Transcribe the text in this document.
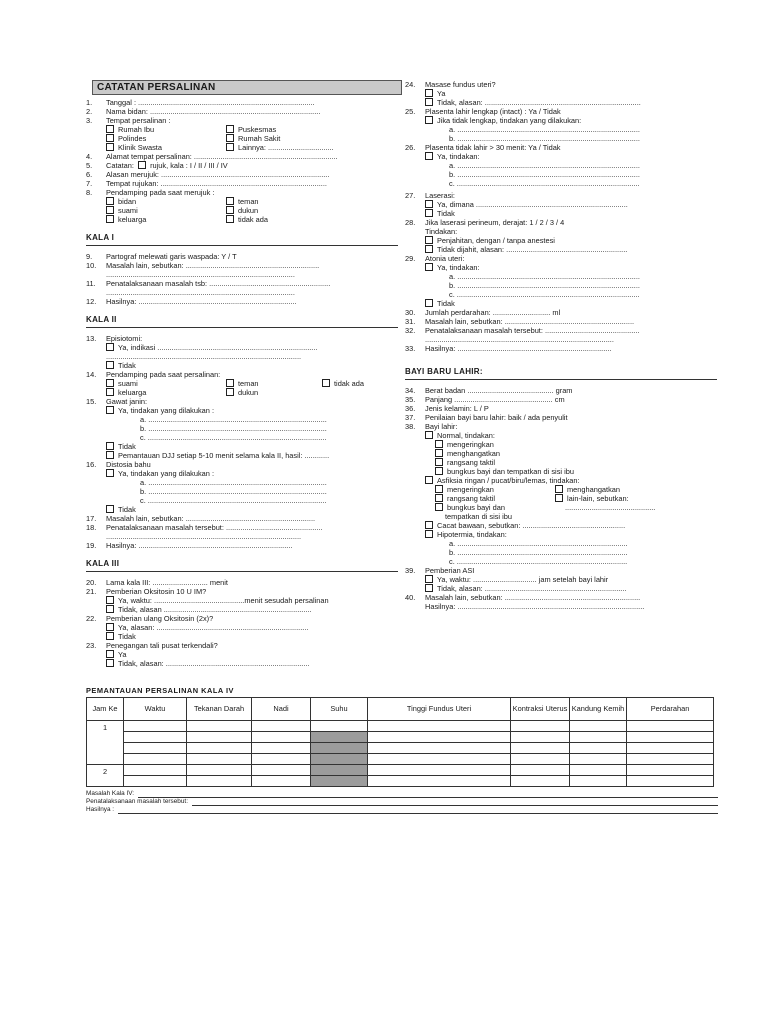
CATATAN PERSALINAN
1.	Tanggal : ......................................................................................
2.	Nama bidan: ...................................................................................
3.	Tempat persalinan :
Rumah Ibu	Puskesmas
Polindes	Rumah Sakit
Klinik Swasta	Lainnya: ................................
4.	Alamat tempat persalinan: ......................................................................
5.	Catatan:
rujuk, kala : I / II / III / IV
6.	Alasan merujuk: ..................................................................................
7.	Tempat rujukan: .................................................................................
8.	Pendamping pada saat merujuk :
bidan	teman
suami	dukun
keluarga	tidak ada
KALA I
9.	Partograf melewati garis waspada: Y / T
10.	Masalah lain, sebutkan: .................................................................
............................................................................................
11.	Penatalaksanaan masalah tsb: ...........................................................
............................................................................................
12.	Hasilnya: .............................................................................
KALA II
13.	Episiotomi:
Ya, indikasi ..............................................................................
...............................................................................................
Tidak
14.	Pendamping pada saat persalinan:
suami	teman	tidak ada
keluarga	dukun
15.	Gawat janin:
Ya, tindakan yang dilakukan :
a. .......................................................................................
b. .......................................................................................
c. .......................................................................................
Tidak
Pemantauan DJJ setiap 5-10 menit selama kala II, hasil: ............
16.	Distosia bahu
Ya, tindakan yang dilakukan :
a. .......................................................................................
b. .......................................................................................
c. .......................................................................................
Tidak
17.	Masalah lain, sebutkan: ...............................................................
18.	Penatalaksanaan masalah tersebut: ...............................................
...............................................................................................
19.	Hasilnya: ...........................................................................
KALA III
20.	Lama kala III: ........................... menit
21.	Pemberian Oksitosin 10 U IM?
Ya, waktu: ............................................menit sesudah persalinan
Tidak, alasan ........................................................................
22.	Pemberian ulang Oksitosin (2x)?
Ya, alasan: ..........................................................................
Tidak
23.	Penegangan tali pusat terkendali?
Ya
Tidak, alasan: ......................................................................
24.	Masase fundus uteri?
Ya
Tidak, alasan: ............................................................................
25.	Plasenta lahir lengkap (intact) : Ya / Tidak
Jika tidak lengkap, tindakan yang dilakukan:
a. .........................................................................................
b. .........................................................................................
26.	Plasenta tidak lahir > 30 menit: Ya / Tidak
Ya, tindakan:
a. .........................................................................................
b. .........................................................................................
c. .........................................................................................
27.	Laserasi:
Ya, dimana ..........................................................................
Tidak
28.	Jika laserasi perineum, derajat: 1 / 2 / 3 / 4
Tindakan:
Penjahitan, dengan / tanpa anestesi
Tidak dijahit, alasan: ...........................................................
29.	Atonia uteri:
Ya, tindakan:
a. .........................................................................................
b. .........................................................................................
c. .........................................................................................
Tidak
30.	Jumlah perdarahan: ............................ ml
31.	Masalah lain, sebutkan: ...............................................................
32.	Penatalaksanaan masalah tersebut: ..............................................
............................................................................................
33.	Hasilnya: ...........................................................................
BAYI BARU LAHIR:
34.	Berat badan .......................................... gram
35.	Panjang ................................................ cm
36.	Jenis kelamin: L / P
37.	Penilaian bayi baru lahir: baik / ada penyulit
38.	Bayi lahir:
Normal, tindakan:
mengeringkan
menghangatkan
rangsang taktil
bungkus bayi dan tempatkan di sisi ibu
Asfiksia ringan / pucat/biru/lemas, tindakan:
mengeringkan	menghangatkan
rangsang taktil	lain-lain, sebutkan:
bungkus bayi dan	............................................
tempatkan di sisi ibu
Cacat bawaan, sebutkan: ..................................................
Hipotermia, tindakan:
a. ...................................................................................
b. ...................................................................................
c. ...................................................................................
39.	Pemberian ASI
Ya, waktu: ............................... jam setelah bayi lahir
Tidak, alasan: .....................................................................
40.	Masalah lain, sebutkan: ..................................................................
Hasilnya: ...........................................................................................
PEMANTAUAN PERSALINAN KALA IV
Jam Ke	Waktu	Tekanan Darah	Nadi	Suhu	Tinggi Fundus Uteri	Kontraksi Uterus	Kandung Kemih	Perdarahan
1								

2								

Masalah Kala IV:
Penatalaksanaan masalah tersebut:
Hasilnya :
